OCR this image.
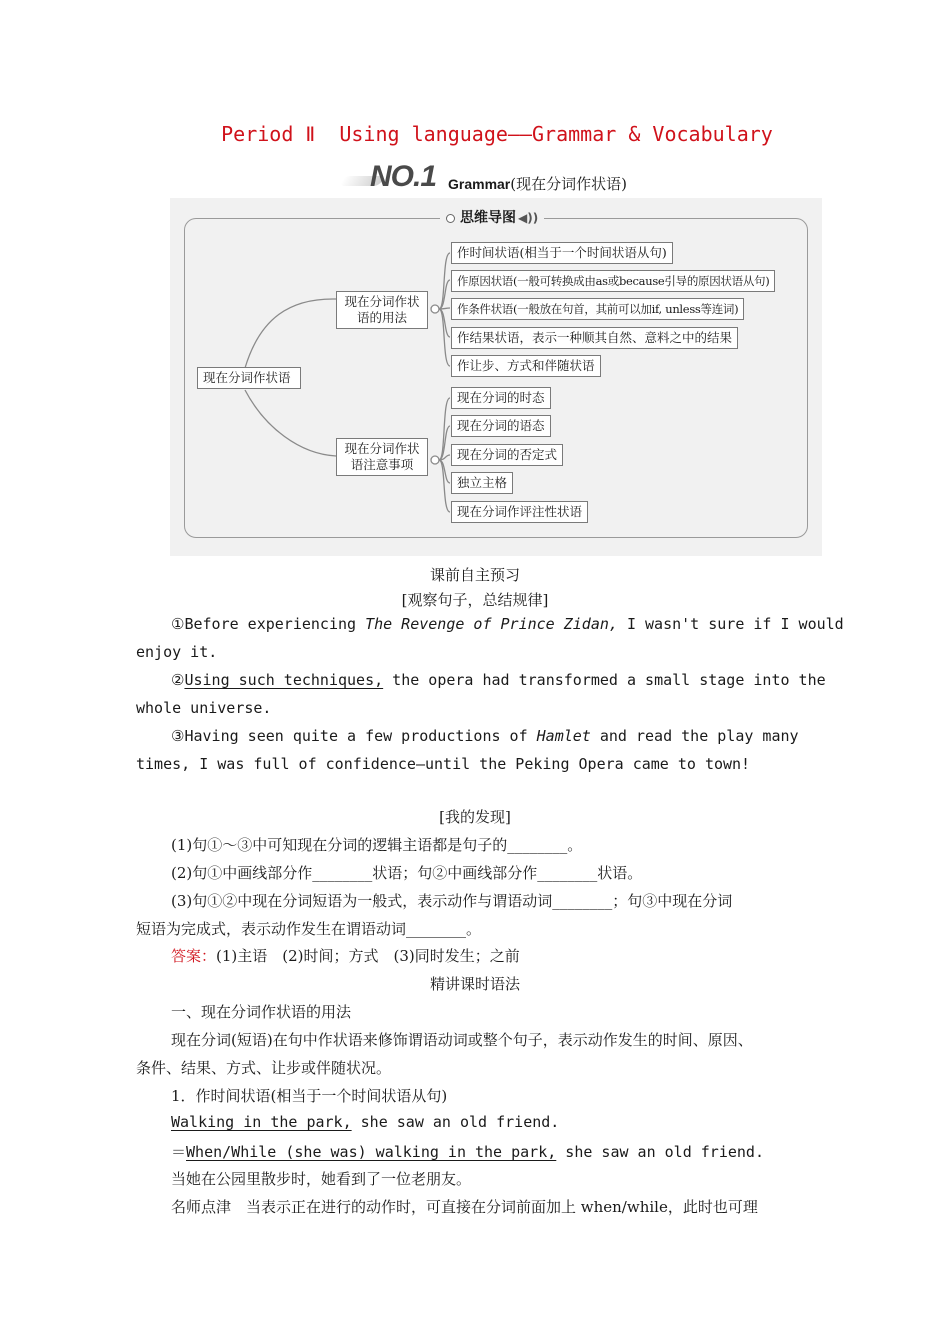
Period Ⅱ  Using language——Grammar & Vocabulary
NO.1 Grammar(现在分词作状语)
思维导图 ◀))
现在分词作状语
现在分词作状语的用法
现在分词作状语注意事项
作时间状语(相当于一个时间状语从句)
作原因状语(一般可转换成由as或because引导的原因状语从句)
作条件状语(一般放在句首，其前可以加if, unless等连词)
作结果状语，表示一种顺其自然、意料之中的结果
作让步、方式和伴随状语
现在分词的时态
现在分词的语态
现在分词的否定式
独立主格
现在分词作评注性状语
课前自主预习
[观察句子，总结规律]
①Before experiencing The Revenge of Prince Zidan, I wasn't sure if I would
enjoy it.
②Using such techniques, the opera had transformed a small stage into the
whole universe.
③Having seen quite a few productions of Hamlet and read the play many
times, I was full of confidence—until the Peking Opera came to town!
[我的发现]
(1)句①～③中可知现在分词的逻辑主语都是句子的________。
(2)句①中画线部分作________状语；句②中画线部分作________状语。
(3)句①②中现在分词短语为一般式，表示动作与谓语动词________；句③中现在分词
短语为完成式，表示动作发生在谓语动词________。
答案：(1)主语　(2)时间；方式　(3)同时发生；之前
精讲课时语法
一、现在分词作状语的用法
现在分词(短语)在句中作状语来修饰谓语动词或整个句子，表示动作发生的时间、原因、
条件、结果、方式、让步或伴随状况。
1．作时间状语(相当于一个时间状语从句)
Walking in the park, she saw an old friend.
＝When/While (she was) walking in the park, she saw an old friend.
当她在公园里散步时，她看到了一位老朋友。
名师点津　当表示正在进行的动作时，可直接在分词前面加上 when/while，此时也可理
